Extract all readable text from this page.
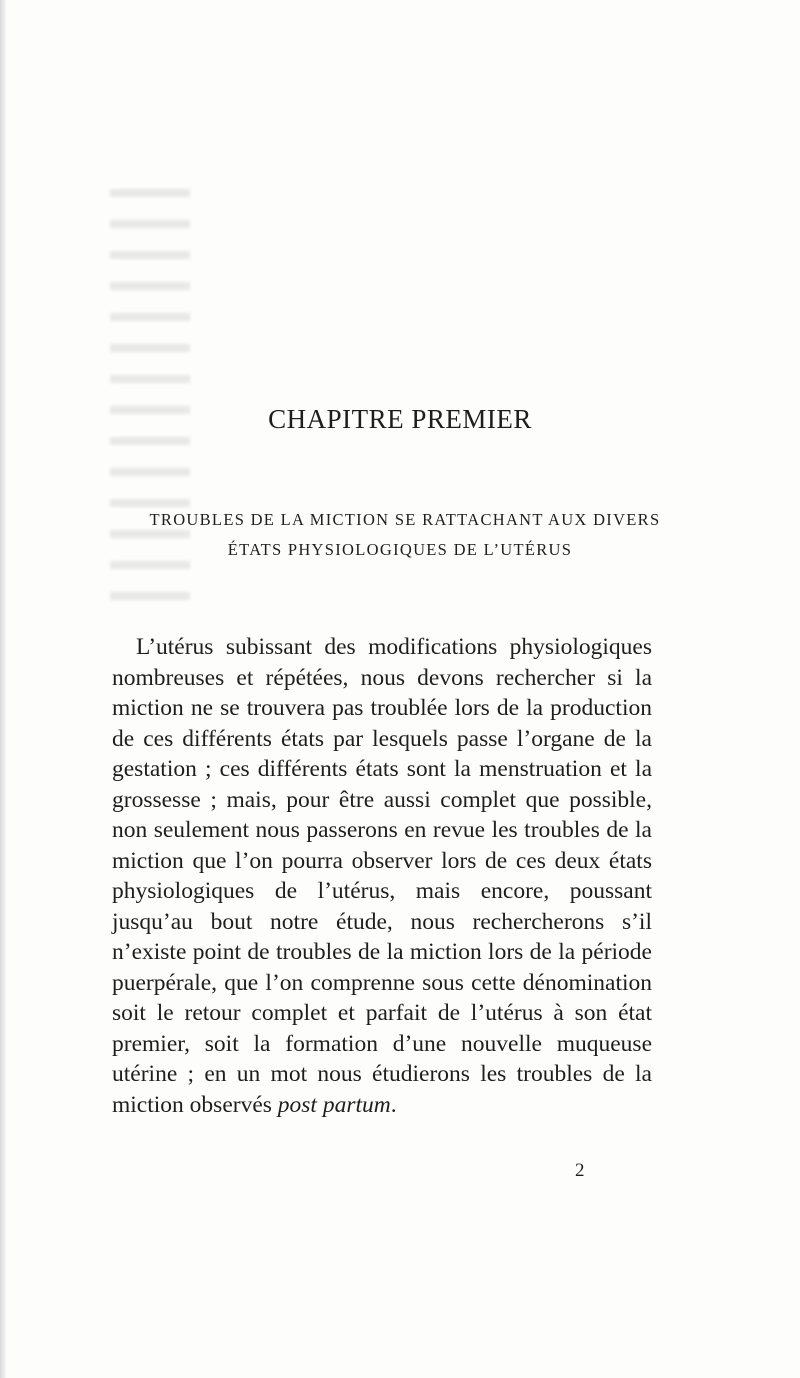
CHAPITRE PREMIER

TROUBLES DE LA MICTION SE RATTACHANT AUX DIVERS

ÉTATS PHYSIOLOGIQUES DE L’UTÉRUS

L’utérus subissant des modifications physiologiques nombreuses et répétées, nous devons rechercher si la miction ne se trouvera pas troublée lors de la production de ces différents états par lesquels passe l’organe de la gestation ; ces différents états sont la menstruation et la grossesse ; mais, pour être aussi complet que possible, non seulement nous passerons en revue les troubles de la miction que l’on pourra observer lors de ces deux états physiologiques de l’utérus, mais encore, poussant jusqu’au bout notre étude, nous rechercherons s’il n’existe point de troubles de la miction lors de la période puerpérale, que l’on comprenne sous cette dénomination soit le retour complet et parfait de l’utérus à son état premier, soit la formation d’une nouvelle muqueuse utérine ; en un mot nous étudierons les troubles de la miction observés post partum.

2
